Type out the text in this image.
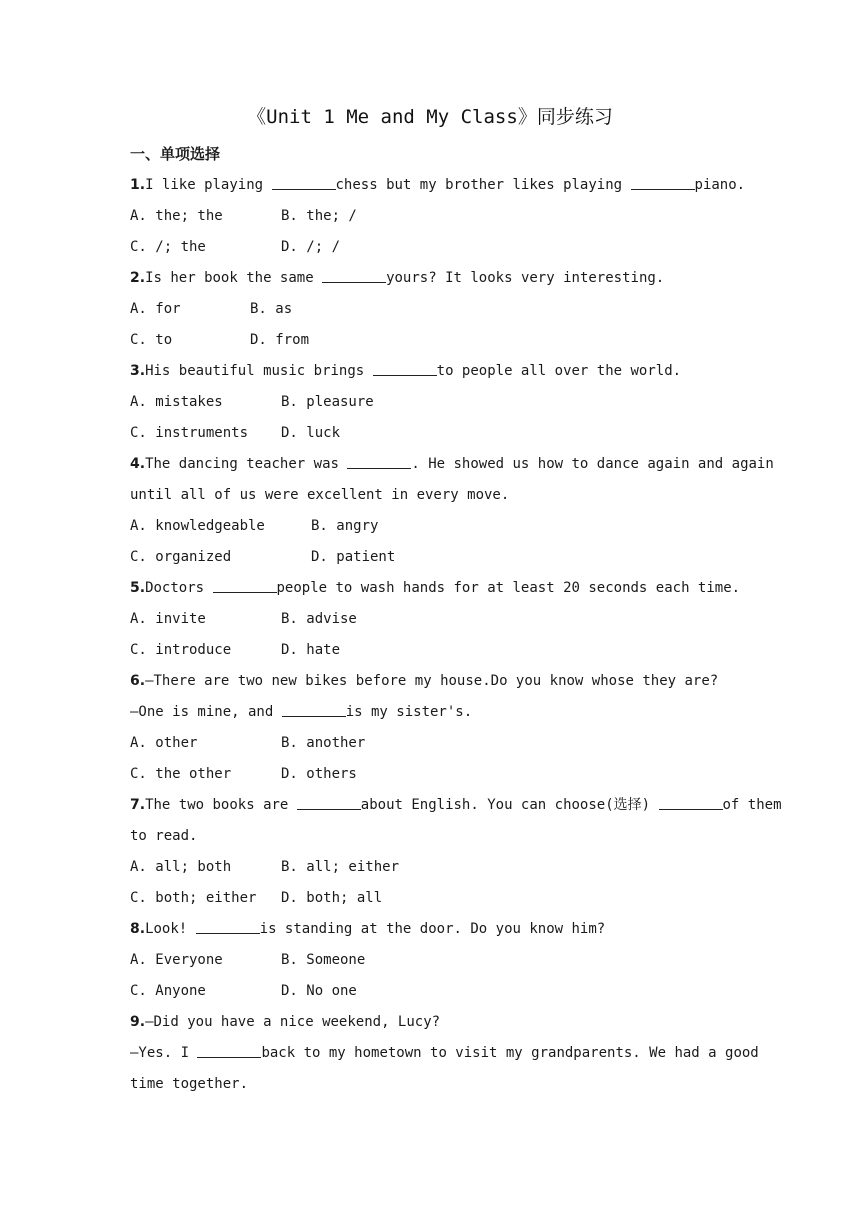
《Unit 1 Me and My Class》同步练习
一、单项选择
1.I like playing	chess but my brother likes playing	piano.
A. the; the	B. the; /
C. /; the	D. /; /
2.Is her book the same	yours? It looks very interesting.
A. for	B. as
C. to	D. from
3.His beautiful music brings	to people all over the world.
A. mistakes	B. pleasure
C. instruments D. luck
4.The dancing teacher was	. He showed us how to dance again and again
until all of us were excellent in every move.
A. knowledgeable	B. angry
C. organized	D. patient
5.Doctors	people to wash hands for at least 20 seconds each time.
A. invite	B. advise
C. introduce	D. hate
6.—There are two new bikes before my house.Do you know whose they are?
—One is mine, and	is my sister's.
A. other	B. another
C. the other	D. others
7.The two books are	about English. You can choose(选择)	of them
to read.
A. all; both	B. all; either
C. both; either D. both; all
8.Look!	is standing at the door. Do you know him?
A. Everyone	B. Someone
C. Anyone	D. No one
9.—Did you have a nice weekend, Lucy?
—Yes. I	back to my hometown to visit my grandparents. We had a good
time together.
